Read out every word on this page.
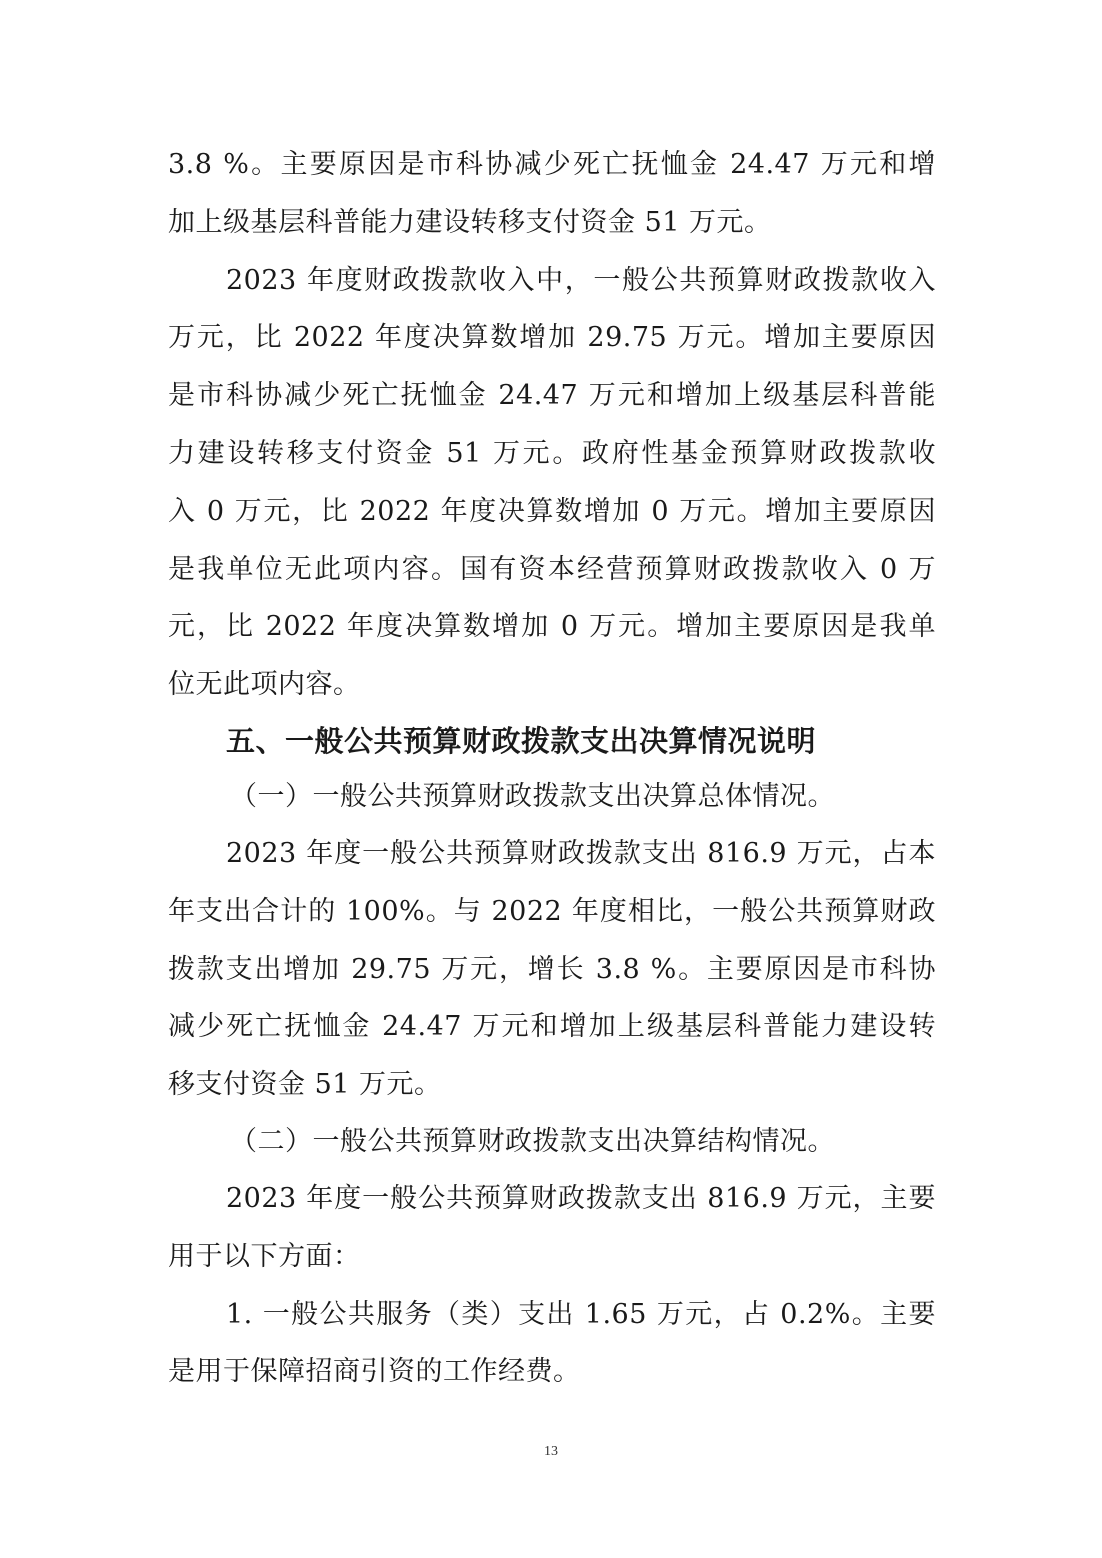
3.8 %。主要原因是市科协减少死亡抚恤金 24.47 万元和增
加上级基层科普能力建设转移支付资金 51 万元。
2023 年度财政拨款收入中，一般公共预算财政拨款收入
万元，比 2022 年度决算数增加 29.75 万元。增加主要原因
是市科协减少死亡抚恤金 24.47 万元和增加上级基层科普能
力建设转移支付资金 51 万元。政府性基金预算财政拨款收
入 0 万元，比 2022 年度决算数增加 0 万元。增加主要原因
是我单位无此项内容。国有资本经营预算财政拨款收入 0 万
元，比 2022 年度决算数增加 0 万元。增加主要原因是我单
位无此项内容。
五、一般公共预算财政拨款支出决算情况说明
（一）一般公共预算财政拨款支出决算总体情况。
2023 年度一般公共预算财政拨款支出 816.9 万元，占本
年支出合计的 100%。与 2022 年度相比，一般公共预算财政
拨款支出增加 29.75 万元，增长 3.8 %。主要原因是市科协
减少死亡抚恤金 24.47 万元和增加上级基层科普能力建设转
移支付资金 51 万元。
（二）一般公共预算财政拨款支出决算结构情况。
2023 年度一般公共预算财政拨款支出 816.9 万元，主要
用于以下方面：
1. 一般公共服务（类）支出 1.65 万元，占 0.2%。主要
是用于保障招商引资的工作经费。
13
